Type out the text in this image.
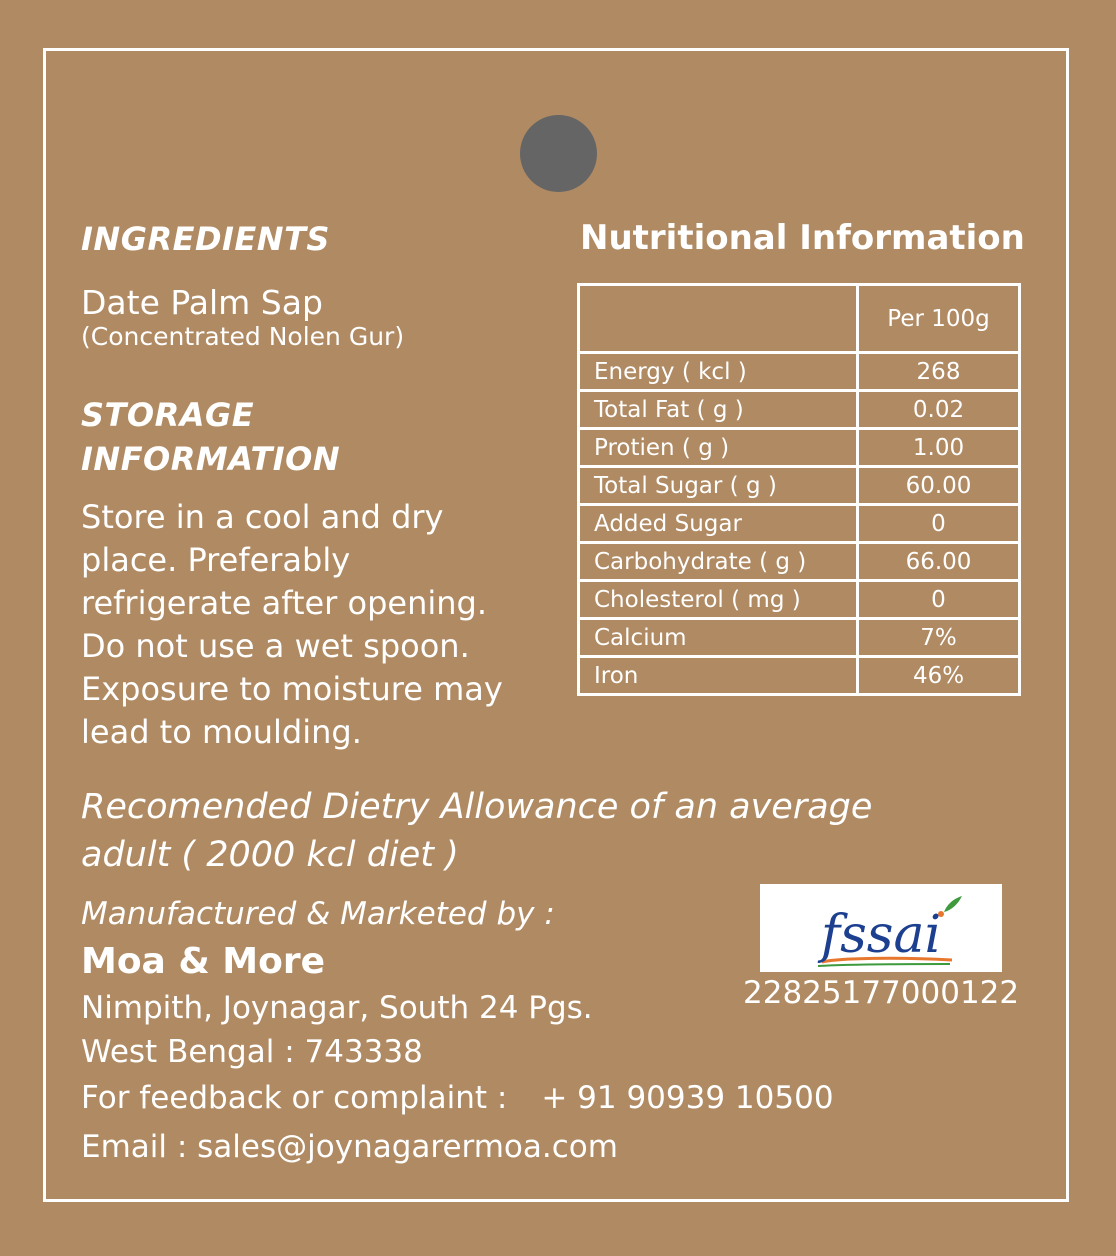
INGREDIENTS
Date Palm Sap
(Concentrated Nolen Gur)
STORAGE
INFORMATION
Store in a cool and dry
place. Preferably
refrigerate after opening.
Do not use a wet spoon.
Exposure to moisture may
lead to moulding.
Nutritional Information
	Per 100g
Energy ( kcl )	268
Total Fat ( g )	0.02
Protien ( g )	1.00
Total Sugar ( g )	60.00
Added Sugar	0
Carbohydrate ( g )	66.00
Cholesterol ( mg )	0
Calcium	7%
Iron	46%
Recomended Dietry Allowance of an average
adult ( 2000 kcl diet )
Manufactured & Marketed by :
Moa & More
Nimpith, Joynagar, South 24 Pgs.
West Bengal : 743338
For feedback or complaint : + 91 90939 10500
Email : sales@joynagarermoa.com
fssai
22825177000122
